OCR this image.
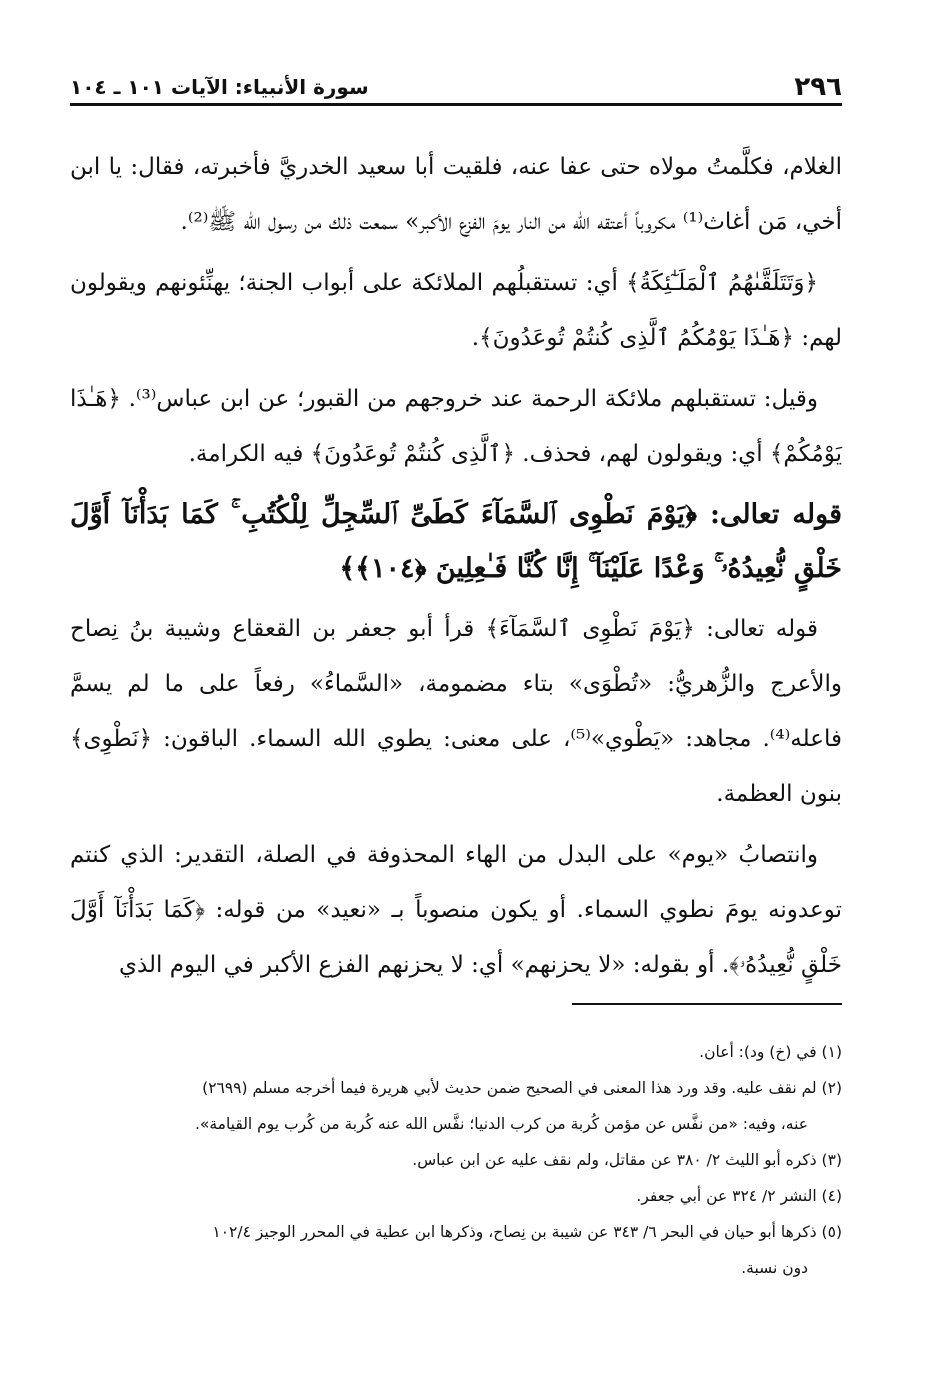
٢٩٦
سورة الأنبياء: الآيات ١٠١ ـ ١٠٤

الغلام، فكلَّمتُ مولاه حتى عفا عنه، فلقيت أبا سعيد الخدريَّ فأخبرته، فقال: يا ابن أخي، مَن أغاث⁽¹⁾ مكروباً أعتقه الله من النار يومَ الفزع الأكبر» سمعت ذلك من رسول الله ﷺ⁽²⁾.

﴿وَتَتَلَقَّىٰهُمُ ٱلْمَلَـٰٓئِكَةُ﴾ أي: تستقبلُهم الملائكة على أبواب الجنة؛ يهنِّئونهم ويقولون لهم: ﴿هَـٰذَا يَوْمُكُمُ ٱلَّذِى كُنتُمْ تُوعَدُونَ﴾.

وقيل: تستقبلهم ملائكة الرحمة عند خروجهم من القبور؛ عن ابن عباس⁽³⁾. ﴿هَـٰذَا يَوْمُكُمْ﴾ أي: ويقولون لهم، فحذف. ﴿ٱلَّذِى كُنتُمْ تُوعَدُونَ﴾ فيه الكرامة.

قوله تعالى: ﴿يَوْمَ نَطْوِى ٱلسَّمَآءَ كَطَىِّ ٱلسِّجِلِّ لِلْكُتُبِ ۚ كَمَا بَدَأْنَآ أَوَّلَ خَلْقٍ نُّعِيدُهُۥ ۚ وَعْدًا عَلَيْنَآ ۚ إِنَّا كُنَّا فَـٰعِلِينَ ﴿١٠٤﴾﴾

قوله تعالى: ﴿يَوْمَ نَطْوِى ٱلسَّمَآءَ﴾ قرأ أبو جعفر بن القعقاع وشيبة بنُ نِصاح والأعرج والزُّهريُّ: «تُطْوَى» بتاء مضمومة، «السَّماءُ» رفعاً على ما لم يسمَّ فاعله⁽⁴⁾. مجاهد: «يَطْوي»⁽⁵⁾، على معنى: يطوي الله السماء. الباقون: ﴿نَطْوِى﴾ بنون العظمة.

وانتصابُ «يوم» على البدل من الهاء المحذوفة في الصلة، التقدير: الذي كنتم توعدونه يومَ نطوي السماء. أو يكون منصوباً بـ «نعيد» من قوله: ﴿كَمَا بَدَأْنَآ أَوَّلَ خَلْقٍ نُّعِيدُهُۥ﴾. أو بقوله: «لا يحزنهم» أي: لا يحزنهم الفزع الأكبر في اليوم الذي

(١) في (خ) ود): أعان.

(٢) لم نقف عليه. وقد ورد هذا المعنى في الصحيح ضمن حديث لأبي هريرة فيما أخرجه مسلم (٢٦٩٩)

عنه، وفيه: «من نفَّس عن مؤمن كُربة من كرب الدنيا؛ نفَّس الله عنه كُربة من كُرب يوم القيامة».

(٣) ذكره أبو الليث ٢/ ٣٨٠ عن مقاتل، ولم نقف عليه عن ابن عباس.

(٤) النشر ٢/ ٣٢٤ عن أبي جعفر.

(٥) ذكرها أبو حيان في البحر ٦/ ٣٤٣ عن شيبة بن نِصاح، وذكرها ابن عطية في المحرر الوجيز ١٠٢/٤

دون نسبة.
